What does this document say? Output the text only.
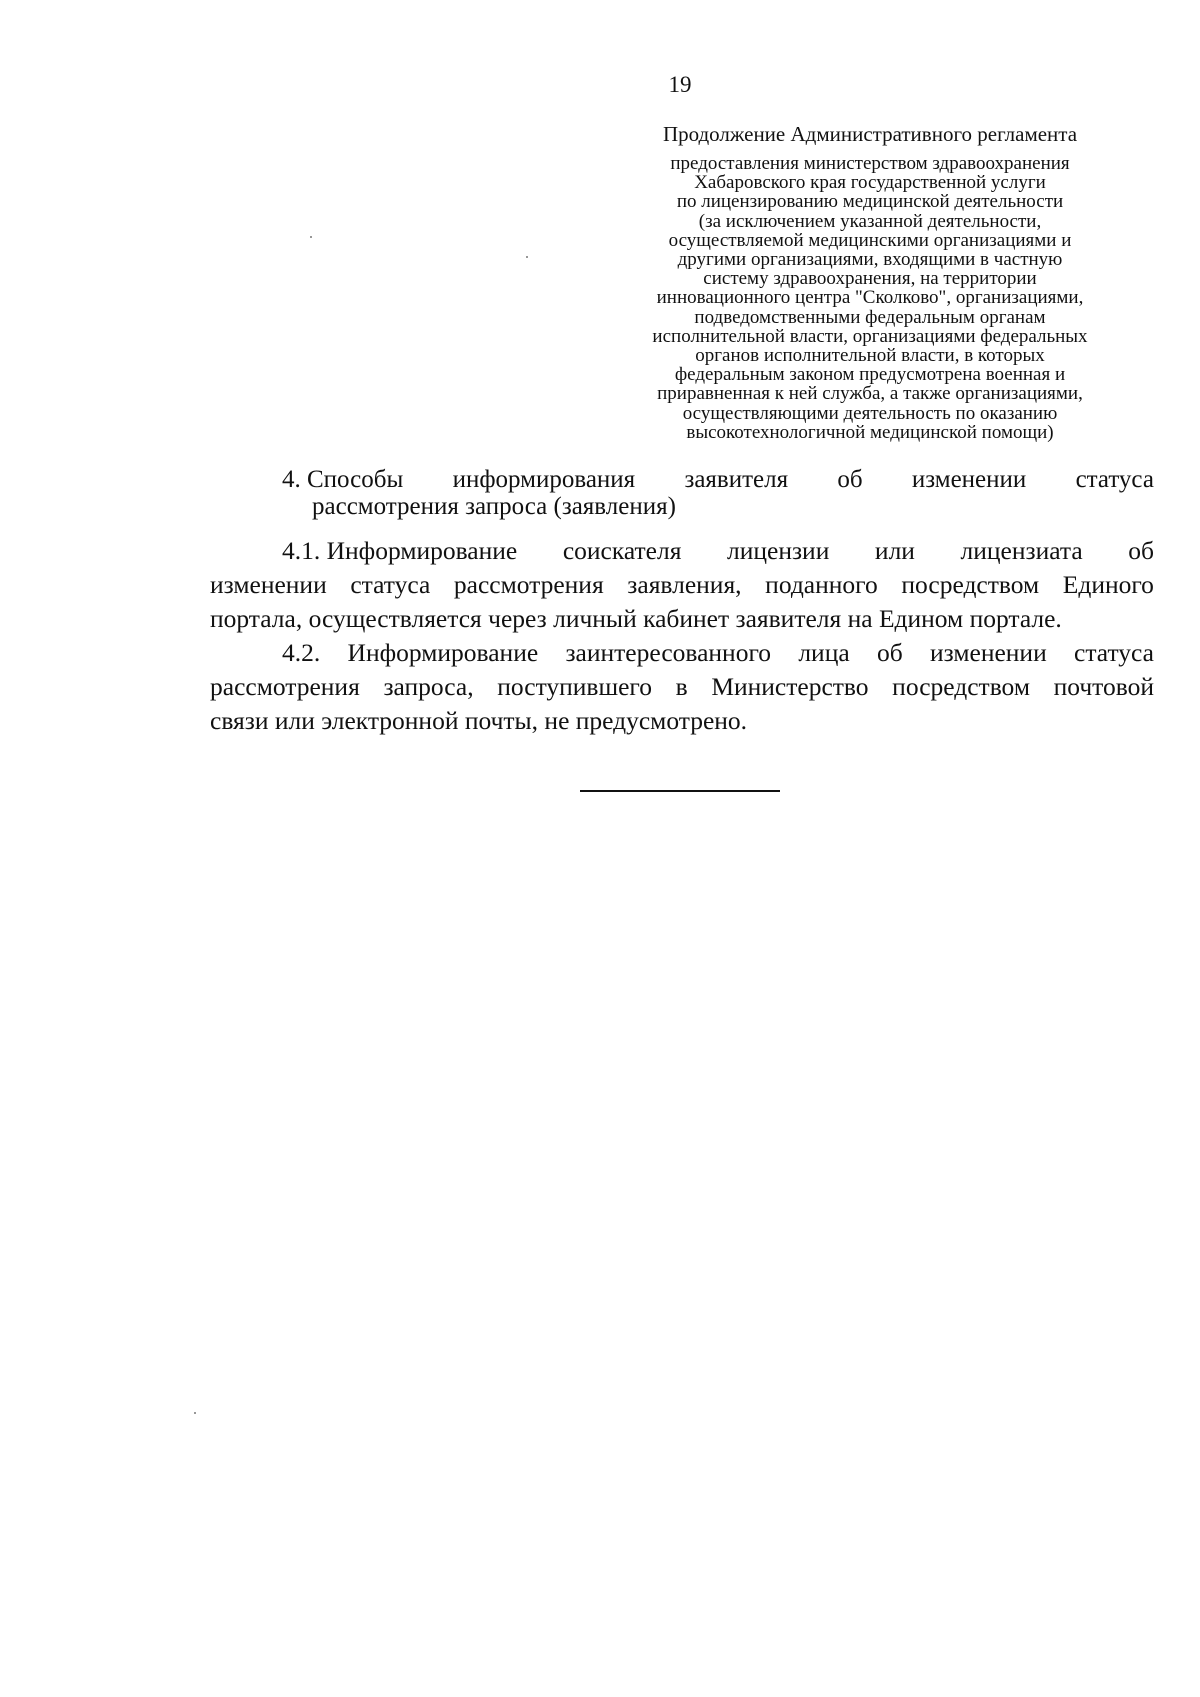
19
Продолжение Административного регламента
предоставления министерством здравоохранения
Хабаровского края государственной услуги
по лицензированию медицинской деятельности
(за исключением указанной деятельности,
осуществляемой медицинскими организациями и
другими организациями, входящими в частную
систему здравоохранения, на территории
инновационного центра "Сколково", организациями,
подведомственными федеральным органам
исполнительной власти, организациями федеральных
органов исполнительной власти, в которых
федеральным законом предусмотрена военная и
приравненная к ней служба, а также организациями,
осуществляющими деятельность по оказанию
высокотехнологичной медицинской помощи)
4. Способы информирования заявителя об изменении статуса
рассмотрения запроса (заявления)
4.1. Информирование соискателя лицензии или лицензиата об
изменении статуса рассмотрения заявления, поданного посредством Единого
портала, осуществляется через личный кабинет заявителя на Едином портале.
4.2. Информирование заинтересованного лица об изменении статуса
рассмотрения запроса, поступившего в Министерство посредством почтовой
связи или электронной почты, не предусмотрено.
